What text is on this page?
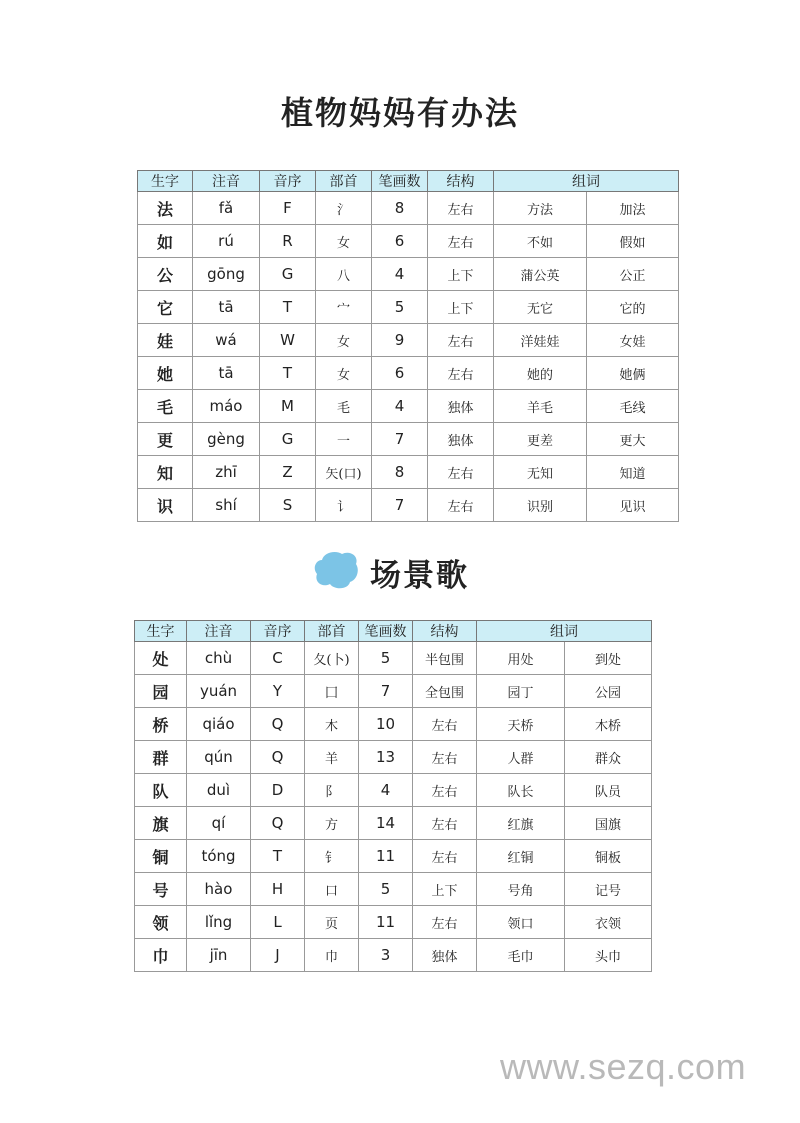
植物妈妈有办法
生字	注音	音序	部首	笔画数	结构	组词	
法	fǎ	F	氵	8	左右	方法	加法
如	rú	R	女	6	左右	不如	假如
公	gōng	G	八	4	上下	蒲公英	公正
它	tā	T	宀	5	上下	无它	它的
娃	wá	W	女	9	左右	洋娃娃	女娃
她	tā	T	女	6	左右	她的	她俩
毛	máo	M	毛	4	独体	羊毛	毛线
更	gèng	G	一	7	独体	更差	更大
知	zhī	Z	矢(口)	8	左右	无知	知道
识	shí	S	讠	7	左右	识别	见识
场景歌
生字	注音	音序	部首	笔画数	结构	组词	
处	chù	C	夂(卜)	5	半包围	用处	到处
园	yuán	Y	囗	7	全包围	园丁	公园
桥	qiáo	Q	木	10	左右	天桥	木桥
群	qún	Q	羊	13	左右	人群	群众
队	duì	D	阝	4	左右	队长	队员
旗	qí	Q	方	14	左右	红旗	国旗
铜	tóng	T	钅	11	左右	红铜	铜板
号	hào	H	口	5	上下	号角	记号
领	lǐng	L	页	11	左右	领口	衣领
巾	jīn	J	巾	3	独体	毛巾	头巾
www.sezq.com
